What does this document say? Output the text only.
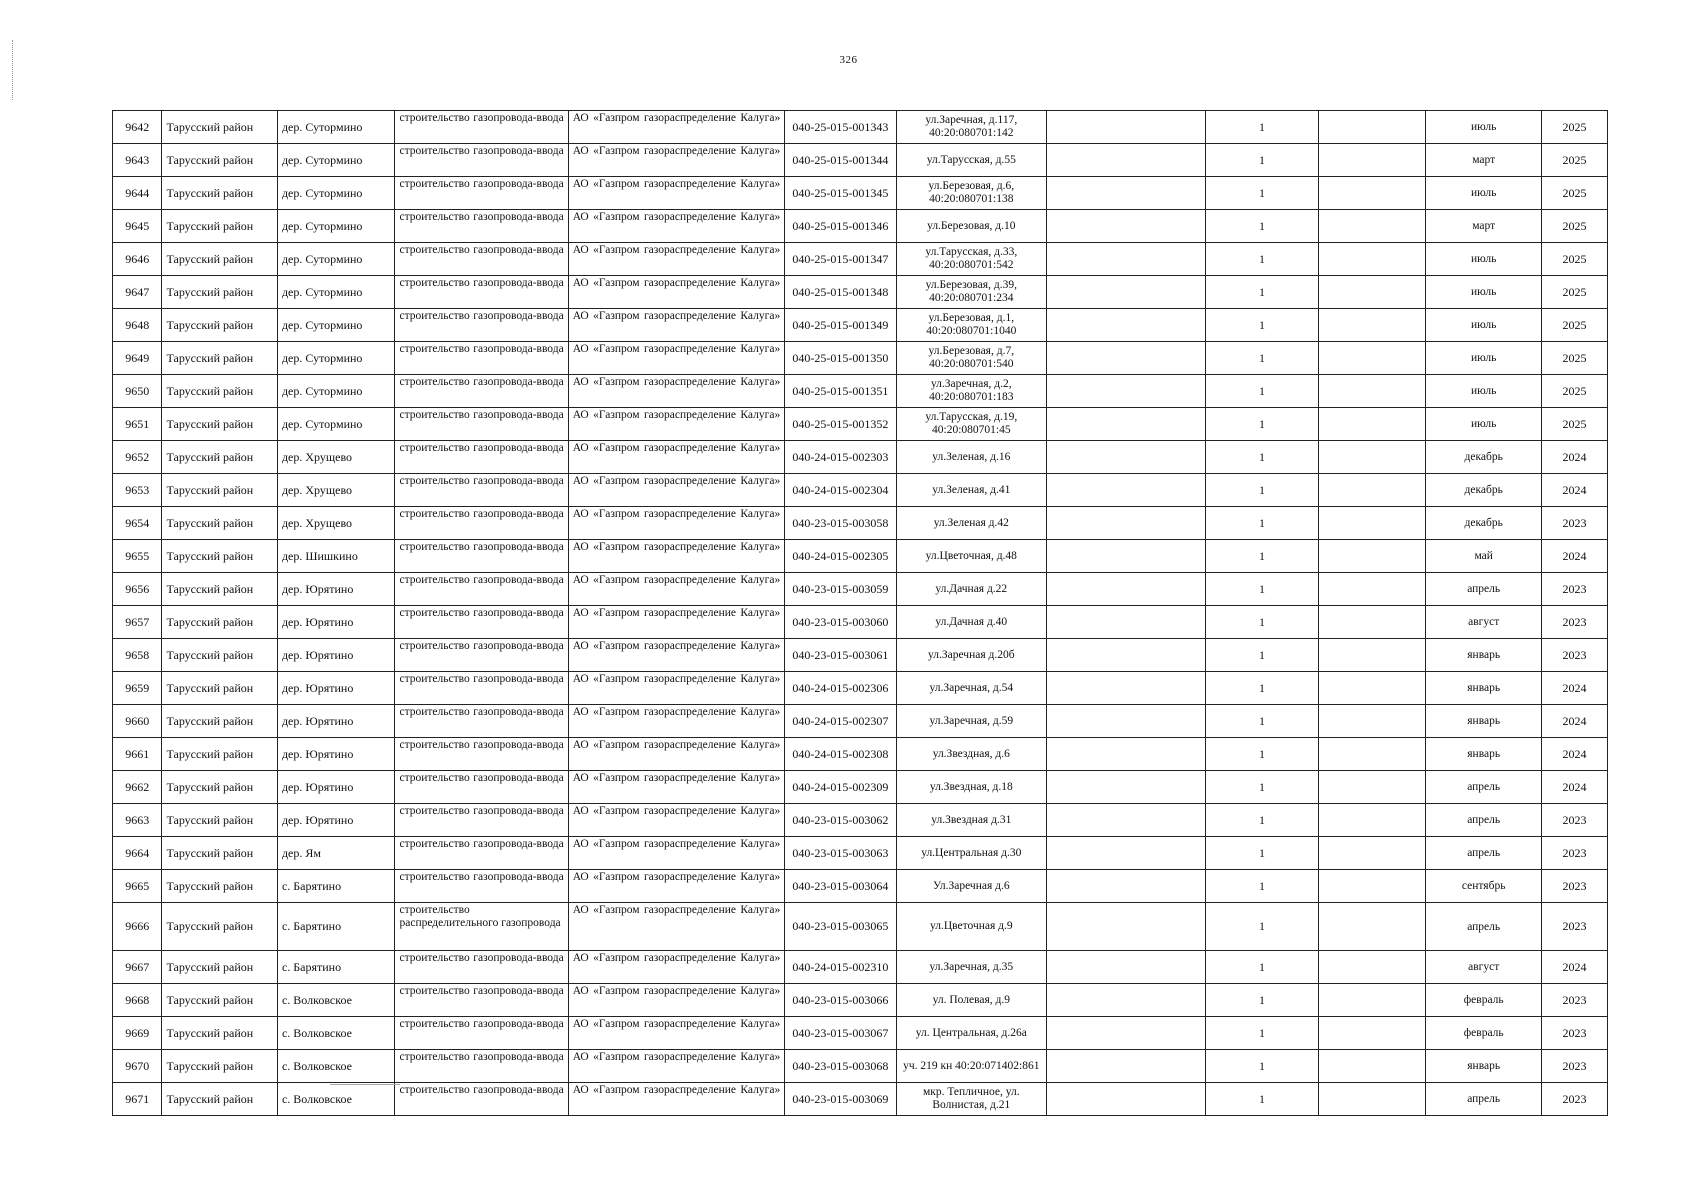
326
9642	Тарусский район	дер. Сутормино	строительство газопровода-ввода	АО «Газпром газораспределение Калуга»	040-25-015-001343	ул.Заречная, д.117, 40:20:080701:142		1		июль	2025
9643	Тарусский район	дер. Сутормино	строительство газопровода-ввода	АО «Газпром газораспределение Калуга»	040-25-015-001344	ул.Тарусская, д.55		1		март	2025
9644	Тарусский район	дер. Сутормино	строительство газопровода-ввода	АО «Газпром газораспределение Калуга»	040-25-015-001345	ул.Березовая, д.6, 40:20:080701:138		1		июль	2025
9645	Тарусский район	дер. Сутормино	строительство газопровода-ввода	АО «Газпром газораспределение Калуга»	040-25-015-001346	ул.Березовая, д.10		1		март	2025
9646	Тарусский район	дер. Сутормино	строительство газопровода-ввода	АО «Газпром газораспределение Калуга»	040-25-015-001347	ул.Тарусская, д.33, 40:20:080701:542		1		июль	2025
9647	Тарусский район	дер. Сутормино	строительство газопровода-ввода	АО «Газпром газораспределение Калуга»	040-25-015-001348	ул.Березовая, д.39, 40:20:080701:234		1		июль	2025
9648	Тарусский район	дер. Сутормино	строительство газопровода-ввода	АО «Газпром газораспределение Калуга»	040-25-015-001349	ул.Березовая, д.1, 40:20:080701:1040		1		июль	2025
9649	Тарусский район	дер. Сутормино	строительство газопровода-ввода	АО «Газпром газораспределение Калуга»	040-25-015-001350	ул.Березовая, д.7, 40:20:080701:540		1		июль	2025
9650	Тарусский район	дер. Сутормино	строительство газопровода-ввода	АО «Газпром газораспределение Калуга»	040-25-015-001351	ул.Заречная, д.2, 40:20:080701:183		1		июль	2025
9651	Тарусский район	дер. Сутормино	строительство газопровода-ввода	АО «Газпром газораспределение Калуга»	040-25-015-001352	ул.Тарусская, д.19, 40:20:080701:45		1		июль	2025
9652	Тарусский район	дер. Хрущево	строительство газопровода-ввода	АО «Газпром газораспределение Калуга»	040-24-015-002303	ул.Зеленая, д.16		1		декабрь	2024
9653	Тарусский район	дер. Хрущево	строительство газопровода-ввода	АО «Газпром газораспределение Калуга»	040-24-015-002304	ул.Зеленая, д.41		1		декабрь	2024
9654	Тарусский район	дер. Хрущево	строительство газопровода-ввода	АО «Газпром газораспределение Калуга»	040-23-015-003058	ул.Зеленая д.42		1		декабрь	2023
9655	Тарусский район	дер. Шишкино	строительство газопровода-ввода	АО «Газпром газораспределение Калуга»	040-24-015-002305	ул.Цветочная, д.48		1		май	2024
9656	Тарусский район	дер. Юрятино	строительство газопровода-ввода	АО «Газпром газораспределение Калуга»	040-23-015-003059	ул.Дачная д.22		1		апрель	2023
9657	Тарусский район	дер. Юрятино	строительство газопровода-ввода	АО «Газпром газораспределение Калуга»	040-23-015-003060	ул.Дачная д.40		1		август	2023
9658	Тарусский район	дер. Юрятино	строительство газопровода-ввода	АО «Газпром газораспределение Калуга»	040-23-015-003061	ул.Заречная д.20б		1		январь	2023
9659	Тарусский район	дер. Юрятино	строительство газопровода-ввода	АО «Газпром газораспределение Калуга»	040-24-015-002306	ул.Заречная, д.54		1		январь	2024
9660	Тарусский район	дер. Юрятино	строительство газопровода-ввода	АО «Газпром газораспределение Калуга»	040-24-015-002307	ул.Заречная, д.59		1		январь	2024
9661	Тарусский район	дер. Юрятино	строительство газопровода-ввода	АО «Газпром газораспределение Калуга»	040-24-015-002308	ул.Звездная, д.6		1		январь	2024
9662	Тарусский район	дер. Юрятино	строительство газопровода-ввода	АО «Газпром газораспределение Калуга»	040-24-015-002309	ул.Звездная, д.18		1		апрель	2024
9663	Тарусский район	дер. Юрятино	строительство газопровода-ввода	АО «Газпром газораспределение Калуга»	040-23-015-003062	ул.Звездная д.31		1		апрель	2023
9664	Тарусский район	дер. Ям	строительство газопровода-ввода	АО «Газпром газораспределение Калуга»	040-23-015-003063	ул.Центральная д.30		1		апрель	2023
9665	Тарусский район	с. Барятино	строительство газопровода-ввода	АО «Газпром газораспределение Калуга»	040-23-015-003064	Ул.Заречная д.6		1		сентябрь	2023
9666	Тарусский район	с. Барятино	строительство распределительного газопровода	АО «Газпром газораспределение Калуга»	040-23-015-003065	ул.Цветочная д.9		1		апрель	2023
9667	Тарусский район	с. Барятино	строительство газопровода-ввода	АО «Газпром газораспределение Калуга»	040-24-015-002310	ул.Заречная, д.35		1		август	2024
9668	Тарусский район	с. Волковское	строительство газопровода-ввода	АО «Газпром газораспределение Калуга»	040-23-015-003066	ул. Полевая, д.9		1		февраль	2023
9669	Тарусский район	с. Волковское	строительство газопровода-ввода	АО «Газпром газораспределение Калуга»	040-23-015-003067	ул. Центральная, д.26а		1		февраль	2023
9670	Тарусский район	с. Волковское	строительство газопровода-ввода	АО «Газпром газораспределение Калуга»	040-23-015-003068	уч. 219 кн 40:20:071402:861		1		январь	2023
9671	Тарусский район	с. Волковское	строительство газопровода-ввода	АО «Газпром газораспределение Калуга»	040-23-015-003069	мкр. Тепличное, ул. Волнистая, д.21		1		апрель	2023
